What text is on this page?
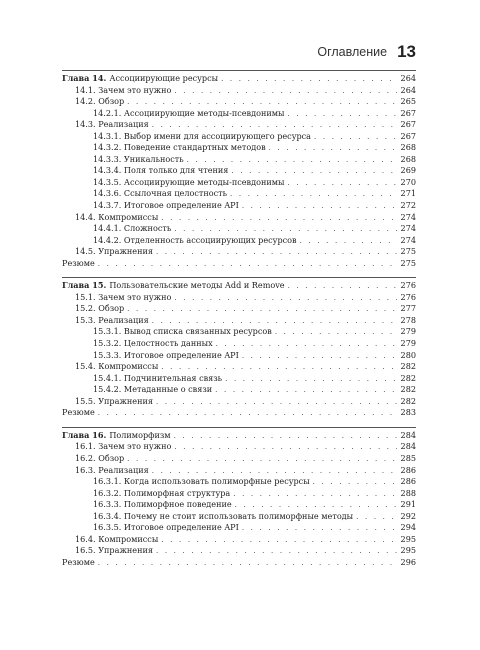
Оглавление 13
Глава 14. Ассоциирующие ресурсы . . .	264
14.1. Зачем это нужно . . .	264
14.2. Обзор . . .	265
14.2.1. Ассоциирующие методы-псевдонимы . . .	267
14.3. Реализация . . .	267
14.3.1. Выбор имени для ассоциирующего ресурса . . .	267
14.3.2. Поведение стандартных методов . . .	268
14.3.3. Уникальность . . .	268
14.3.4. Поля только для чтения . . .	269
14.3.5. Ассоциирующие методы-псевдонимы . . .	270
14.3.6. Ссылочная целостность . . .	271
14.3.7. Итоговое определение API . . .	272
14.4. Компромиссы . . .	274
14.4.1. Сложность . . .	274
14.4.2. Отделенность ассоциирующих ресурсов . . .	274
14.5. Упражнения . . .	275
Резюме . . .	275
Глава 15. Пользовательские методы Add и Remove . . .	276
15.1. Зачем это нужно . . .	276
15.2. Обзор . . .	277
15.3. Реализация . . .	278
15.3.1. Вывод списка связанных ресурсов . . .	279
15.3.2. Целостность данных . . .	279
15.3.3. Итоговое определение API . . .	280
15.4. Компромиссы . . .	282
15.4.1. Подчинительная связь . . .	282
15.4.2. Метаданные о связи . . .	282
15.5. Упражнения . . .	282
Резюме . . .	283
Глава 16. Полиморфизм . . .	284
16.1. Зачем это нужно . . .	284
16.2. Обзор . . .	285
16.3. Реализация . . .	286
16.3.1. Когда использовать полиморфные ресурсы . . .	286
16.3.2. Полиморфная структура . . .	288
16.3.3. Полиморфное поведение . . .	291
16.3.4. Почему не стоит использовать полиморфные методы . . .	292
16.3.5. Итоговое определение API . . .	294
16.4. Компромиссы . . .	295
16.5. Упражнения . . .	295
Резюме . . .	296
